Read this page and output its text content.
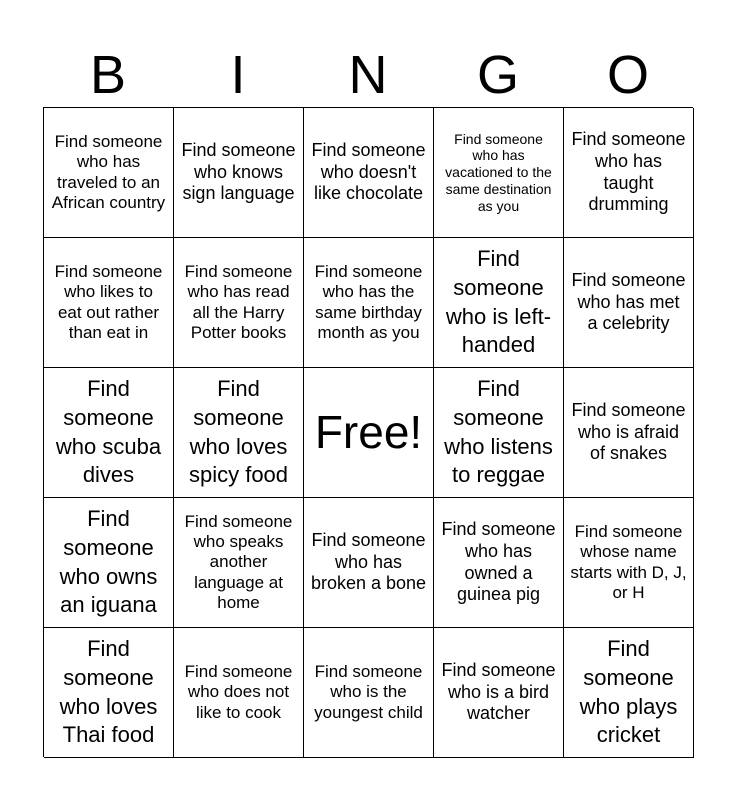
B	I	N	G	O
Find someone who has traveled to an African country
Find someone who knows sign language
Find someone who doesn't like chocolate
Find someone who has vacationed to the same destination as you
Find someone who has taught drumming
Find someone who likes to eat out rather than eat in
Find someone who has read all the Harry Potter books
Find someone who has the same birthday month as you
Find someone who is left-handed
Find someone who has met a celebrity
Find someone who scuba dives
Find someone who loves spicy food
Free!
Find someone who listens to reggae
Find someone who is afraid of snakes
Find someone who owns an iguana
Find someone who speaks another language at home
Find someone who has broken a bone
Find someone who has owned a guinea pig
Find someone whose name starts with D, J, or H
Find someone who loves Thai food
Find someone who does not like to cook
Find someone who is the youngest child
Find someone who is a bird watcher
Find someone who plays cricket
